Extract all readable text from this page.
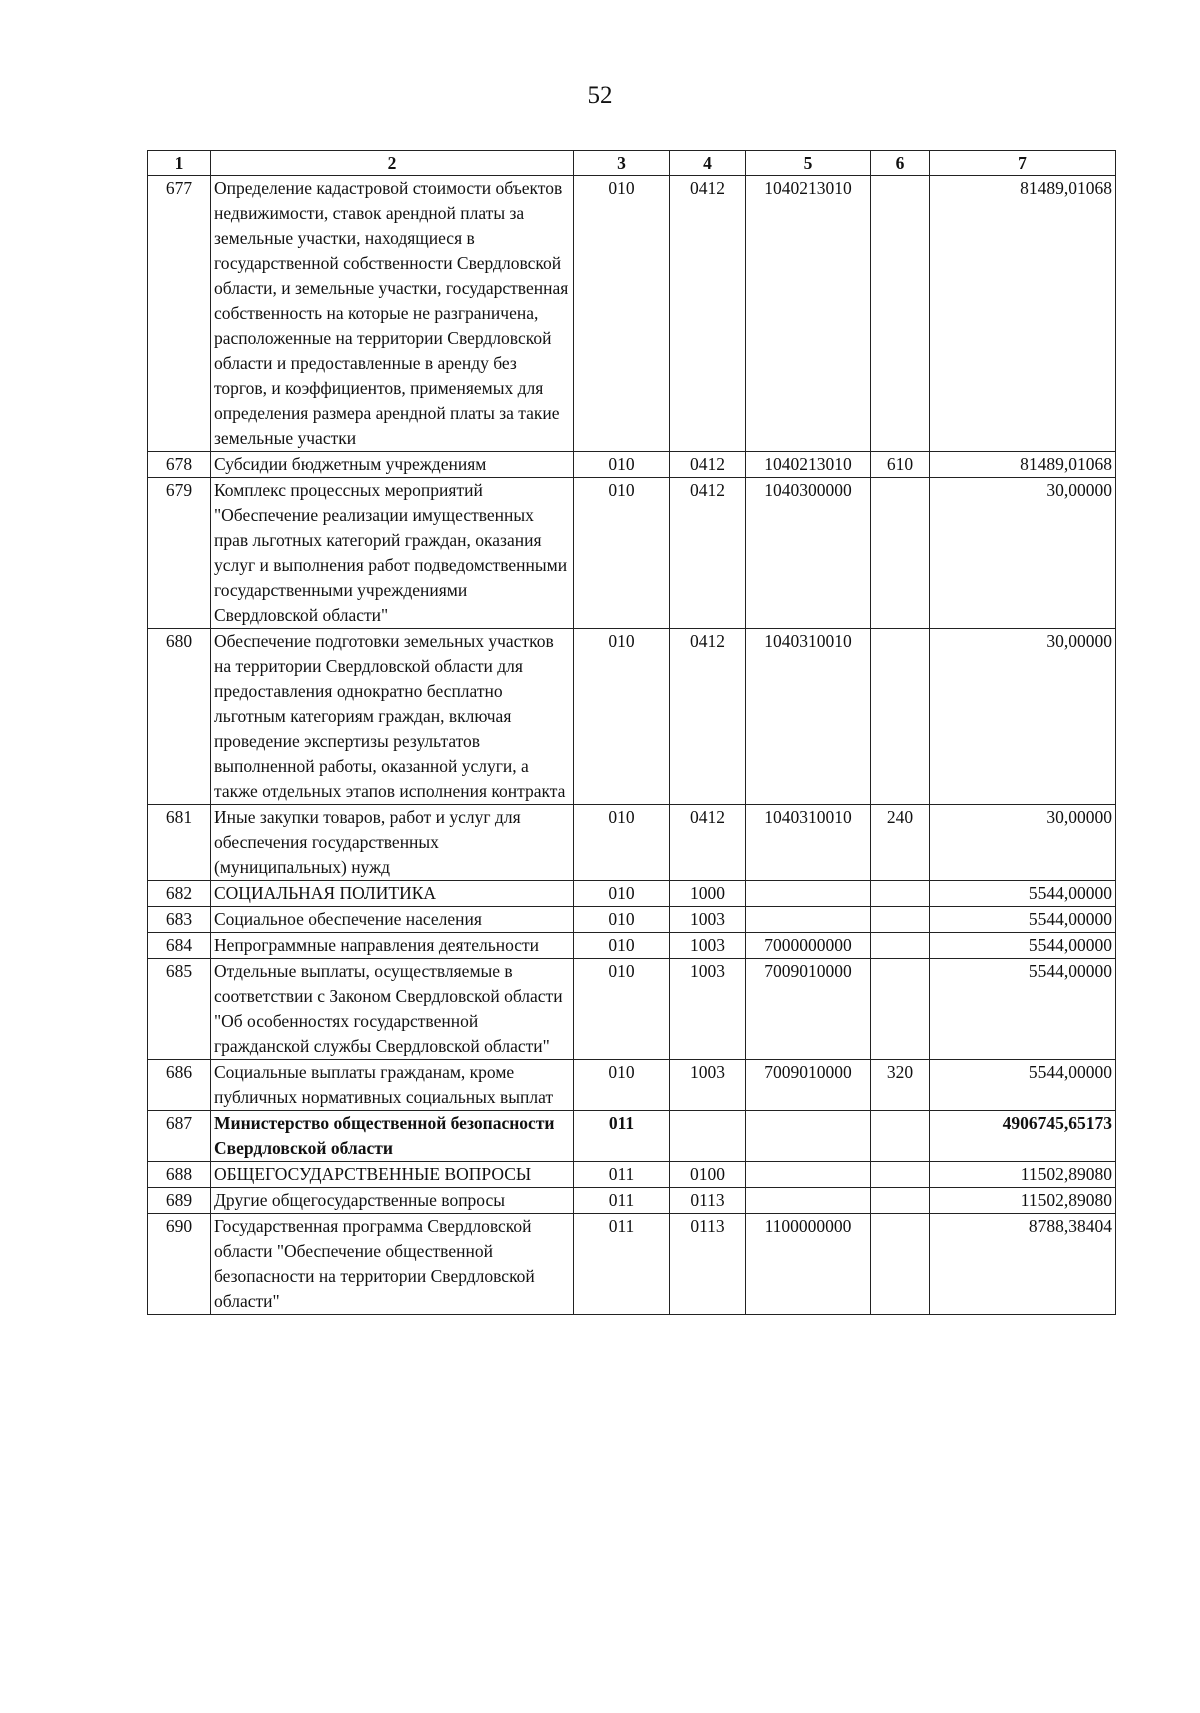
52
1	2	3	4	5	6	7
677	Определение кадастровой стоимости объектов недвижимости, ставок арендной платы за земельные участки, находящиеся в государственной собственности Свердловской области, и земельные участки, государственная собственность на которые не разграничена, расположенные на территории Свердловской области и предоставленные в аренду без торгов, и коэффициентов, применяемых для определения размера арендной платы за такие земельные участки	010	0412	1040213010		81489,01068
678	Субсидии бюджетным учреждениям	010	0412	1040213010	610	81489,01068
679	Комплекс процессных мероприятий "Обеспечение реализации имущественных прав льготных категорий граждан, оказания услуг и выполнения работ подведомственными государственными учреждениями Свердловской области"	010	0412	1040300000		30,00000
680	Обеспечение подготовки земельных участков на территории Свердловской области для предоставления однократно бесплатно льготным категориям граждан, включая проведение экспертизы результатов выполненной работы, оказанной услуги, а также отдельных этапов исполнения контракта	010	0412	1040310010		30,00000
681	Иные закупки товаров, работ и услуг для обеспечения государственных (муниципальных) нужд	010	0412	1040310010	240	30,00000
682	СОЦИАЛЬНАЯ ПОЛИТИКА	010	1000			5544,00000
683	Социальное обеспечение населения	010	1003			5544,00000
684	Непрограммные направления деятельности	010	1003	7000000000		5544,00000
685	Отдельные выплаты, осуществляемые в соответствии с Законом Свердловской области "Об особенностях государственной гражданской службы Свердловской области"	010	1003	7009010000		5544,00000
686	Социальные выплаты гражданам, кроме публичных нормативных социальных выплат	010	1003	7009010000	320	5544,00000
687	Министерство общественной безопасности Свердловской области	011				4906745,65173
688	ОБЩЕГОСУДАРСТВЕННЫЕ ВОПРОСЫ	011	0100			11502,89080
689	Другие общегосударственные вопросы	011	0113			11502,89080
690	Государственная программа Свердловской области "Обеспечение общественной безопасности на территории Свердловской области"	011	0113	1100000000		8788,38404
